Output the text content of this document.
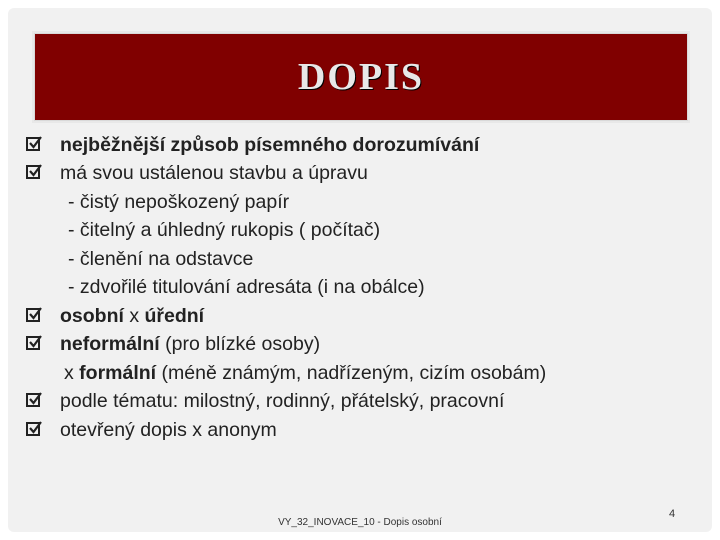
DOPIS
nejběžnější způsob písemného dorozumívání
má svou ustálenou stavbu a úpravu
- čistý nepoškozený papír
- čitelný a úhledný rukopis ( počítač)
- členění na odstavce
- zdvořilé titulování adresáta (i na obálce)
osobní x úřední
neformální (pro blízké osoby)
x formální (méně známým, nadřízeným, cizím osobám)
podle tématu: milostný, rodinný, přátelský, pracovní
otevřený dopis x anonym
VY_32_INOVACE_10 - Dopis osobní
4
